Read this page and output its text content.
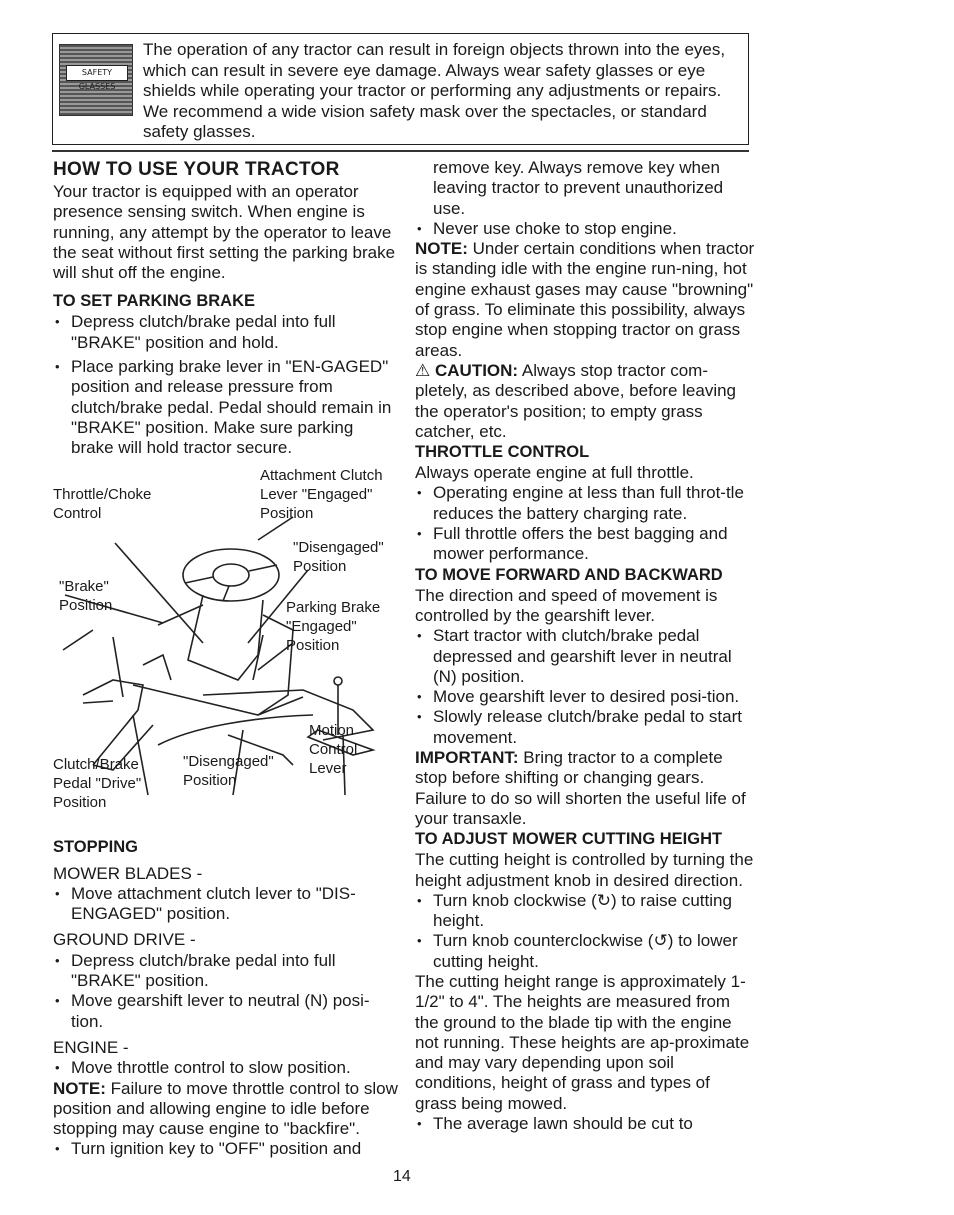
SAFETY GLASSES
The operation of any tractor can result in foreign objects thrown into the eyes, which can result in severe eye damage. Always wear safety glasses or eye shields while operating your tractor or performing any adjustments or repairs. We recommend a wide vision safety mask over the spectacles, or standard safety glasses.
HOW TO USE YOUR TRACTOR

Your tractor is equipped with an operator presence sensing switch. When engine is running, any attempt by the operator to leave the seat without first setting the parking brake will shut off the engine.

TO SET PARKING BRAKE

• Depress clutch/brake pedal into full "BRAKE" position and hold.

• Place parking brake lever in "EN-GAGED" position and release pressure from clutch/brake pedal. Pedal should remain in "BRAKE" position. Make sure parking brake will hold tractor secure.

Attachment Clutch Lever "Engaged" Position
Throttle/Choke Control
"Disengaged" Position
"Brake" Position	Parking Brake "Engaged" Position
Motion Control Lever
Clutch/Brake Pedal "Drive" Position
"Disengaged" Position
STOPPING

MOWER BLADES -

• Move attachment clutch lever to "DIS-ENGAGED" position.

GROUND DRIVE -

• Depress clutch/brake pedal into full "BRAKE" position.

• Move gearshift lever to neutral (N) posi-tion.

ENGINE -

• Move throttle control to slow position.

NOTE: Failure to move throttle control to slow position and allowing engine to idle before stopping may cause engine to "backfire".

• Turn ignition key to "OFF" position and

remove key. Always remove key when leaving tractor to prevent unauthorized use.

• Never use choke to stop engine.

NOTE: Under certain conditions when tractor is standing idle with the engine run-ning, hot engine exhaust gases may cause "browning" of grass. To eliminate this possibility, always stop engine when stopping tractor on grass areas.

⚠ CAUTION: Always stop tractor com-pletely, as described above, before leaving the operator's position; to empty grass catcher, etc.

THROTTLE CONTROL

Always operate engine at full throttle.

• Operating engine at less than full throt-tle reduces the battery charging rate.

• Full throttle offers the best bagging and mower performance.

TO MOVE FORWARD AND BACKWARD

The direction and speed of movement is controlled by the gearshift lever.

• Start tractor with clutch/brake pedal depressed and gearshift lever in neutral (N) position.

• Move gearshift lever to desired posi-tion.

• Slowly release clutch/brake pedal to start movement.

IMPORTANT: Bring tractor to a complete stop before shifting or changing gears. Failure to do so will shorten the useful life of your transaxle.

TO ADJUST MOWER CUTTING HEIGHT

The cutting height is controlled by turning the height adjustment knob in desired direction.

• Turn knob clockwise (↻) to raise cutting height.

• Turn knob counterclockwise (↺) to lower cutting height.

The cutting height range is approximately 1-1/2" to 4". The heights are measured from the ground to the blade tip with the engine not running. These heights are ap-proximate and may vary depending upon soil conditions, height of grass and types of grass being mowed.

• The average lawn should be cut to

14
